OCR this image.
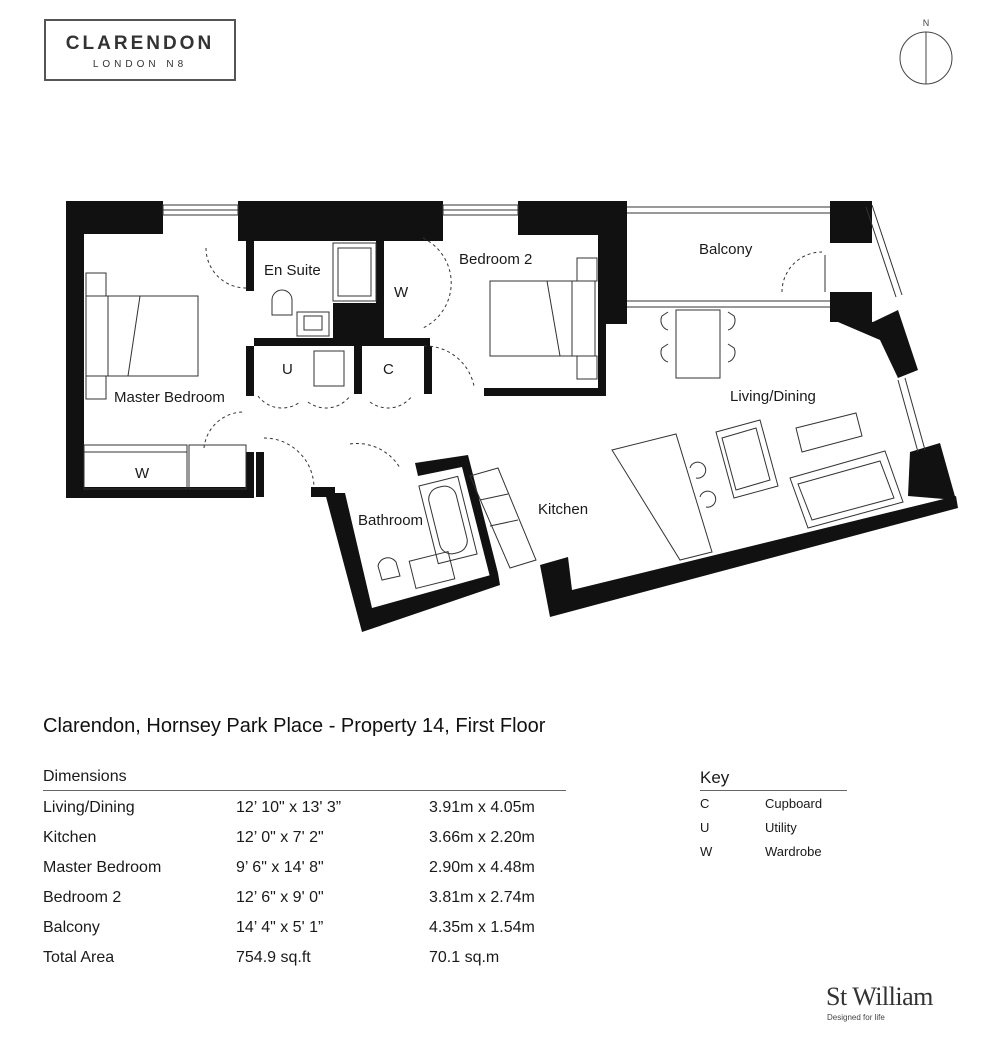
CLARENDON
LONDON N8
N
En Suite
Bedroom 2
Balcony
W
U	C
Master Bedroom	Living/Dining
W
Bathroom
Kitchen
Clarendon, Hornsey Park Place - Property 14, First Floor
Dimensions
Living/Dining	12’ 10" x 13' 3”	3.91m x 4.05m
Kitchen	12’ 0" x 7' 2"	3.66m x 2.20m
Master Bedroom	9’ 6" x 14' 8"	2.90m x 4.48m
Bedroom 2	12’ 6" x 9' 0"	3.81m x 2.74m
Balcony	14’ 4" x 5' 1”	4.35m x 1.54m
Total Area	754.9 sq.ft	70.1 sq.m
Key
C	Cupboard
U	Utility
W	Wardrobe
St William
Designed for life
